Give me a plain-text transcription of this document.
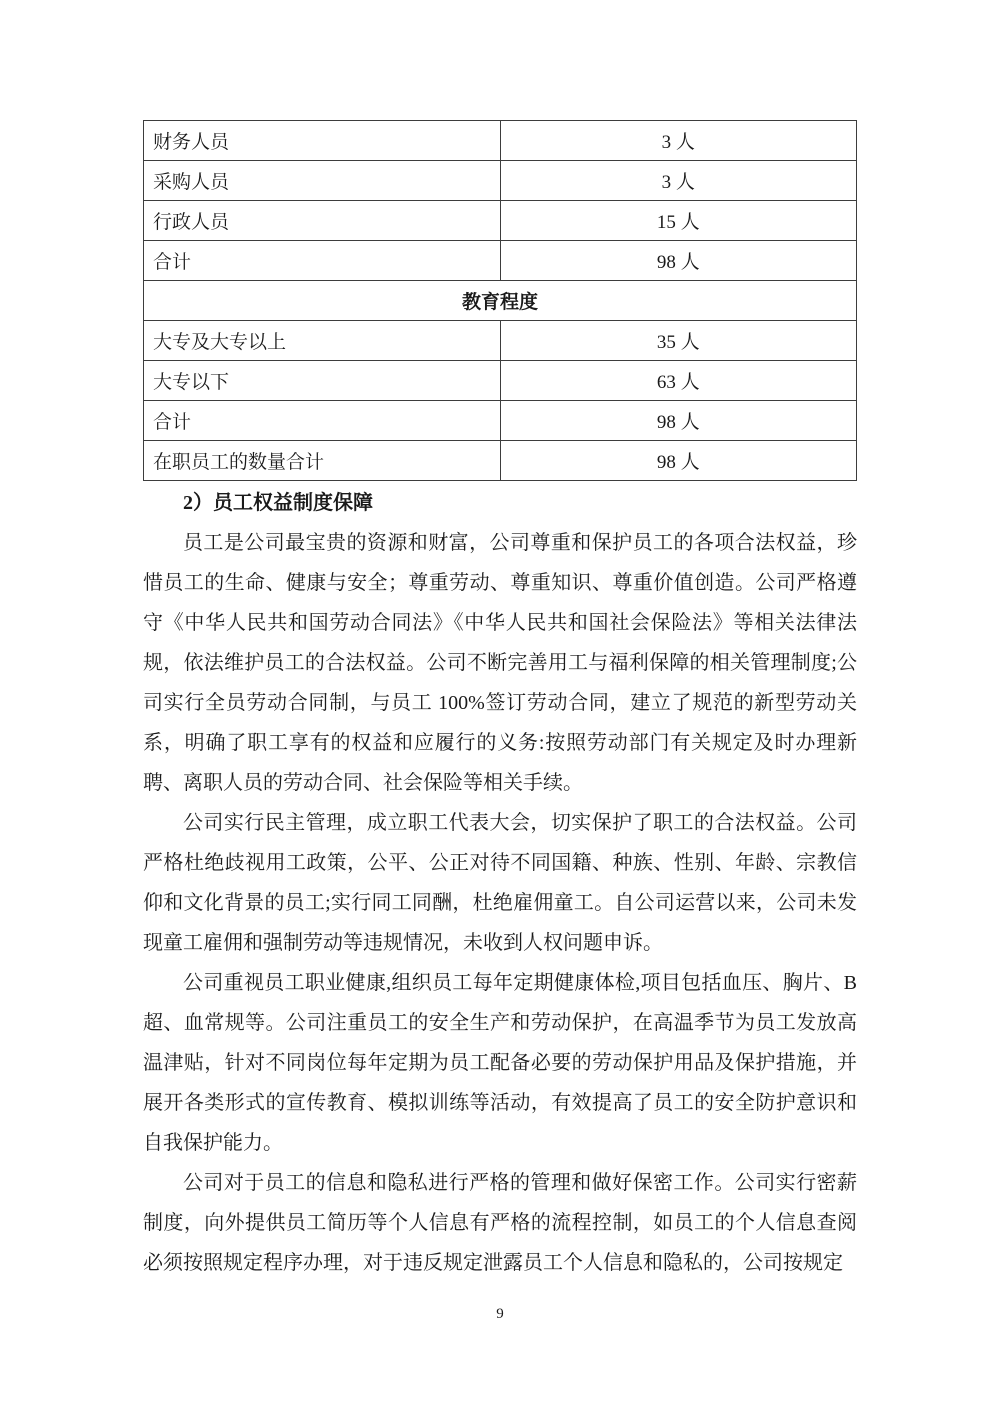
财务人员	3 人
采购人员	3 人
行政人员	15 人
合计	98 人
教育程度	
大专及大专以上	35 人
大专以下	63 人
合计	98 人
在职员工的数量合计	98 人
2）员工权益制度保障

员工是公司最宝贵的资源和财富，公司尊重和保护员工的各项合法权益，珍惜员工的生命、健康与安全；尊重劳动、尊重知识、尊重价值创造。公司严格遵守《中华人民共和国劳动合同法》《中华人民共和国社会保险法》等相关法律法规，依法维护员工的合法权益。公司不断完善用工与福利保障的相关管理制度;公司实行全员劳动合同制，与员工 100%签订劳动合同，建立了规范的新型劳动关系，明确了职工享有的权益和应履行的义务:按照劳动部门有关规定及时办理新聘、离职人员的劳动合同、社会保险等相关手续。

公司实行民主管理，成立职工代表大会，切实保护了职工的合法权益。公司严格杜绝歧视用工政策，公平、公正对待不同国籍、种族、性别、年龄、宗教信仰和文化背景的员工;实行同工同酬，杜绝雇佣童工。自公司运营以来，公司未发现童工雇佣和强制劳动等违规情况，未收到人权问题申诉。

公司重视员工职业健康,组织员工每年定期健康体检,项目包括血压、胸片、B 超、血常规等。公司注重员工的安全生产和劳动保护，在高温季节为员工发放高温津贴，针对不同岗位每年定期为员工配备必要的劳动保护用品及保护措施，并展开各类形式的宣传教育、模拟训练等活动，有效提高了员工的安全防护意识和自我保护能力。

公司对于员工的信息和隐私进行严格的管理和做好保密工作。公司实行密薪制度，向外提供员工简历等个人信息有严格的流程控制，如员工的个人信息查阅必须按照规定程序办理，对于违反规定泄露员工个人信息和隐私的，公司按规定

9
